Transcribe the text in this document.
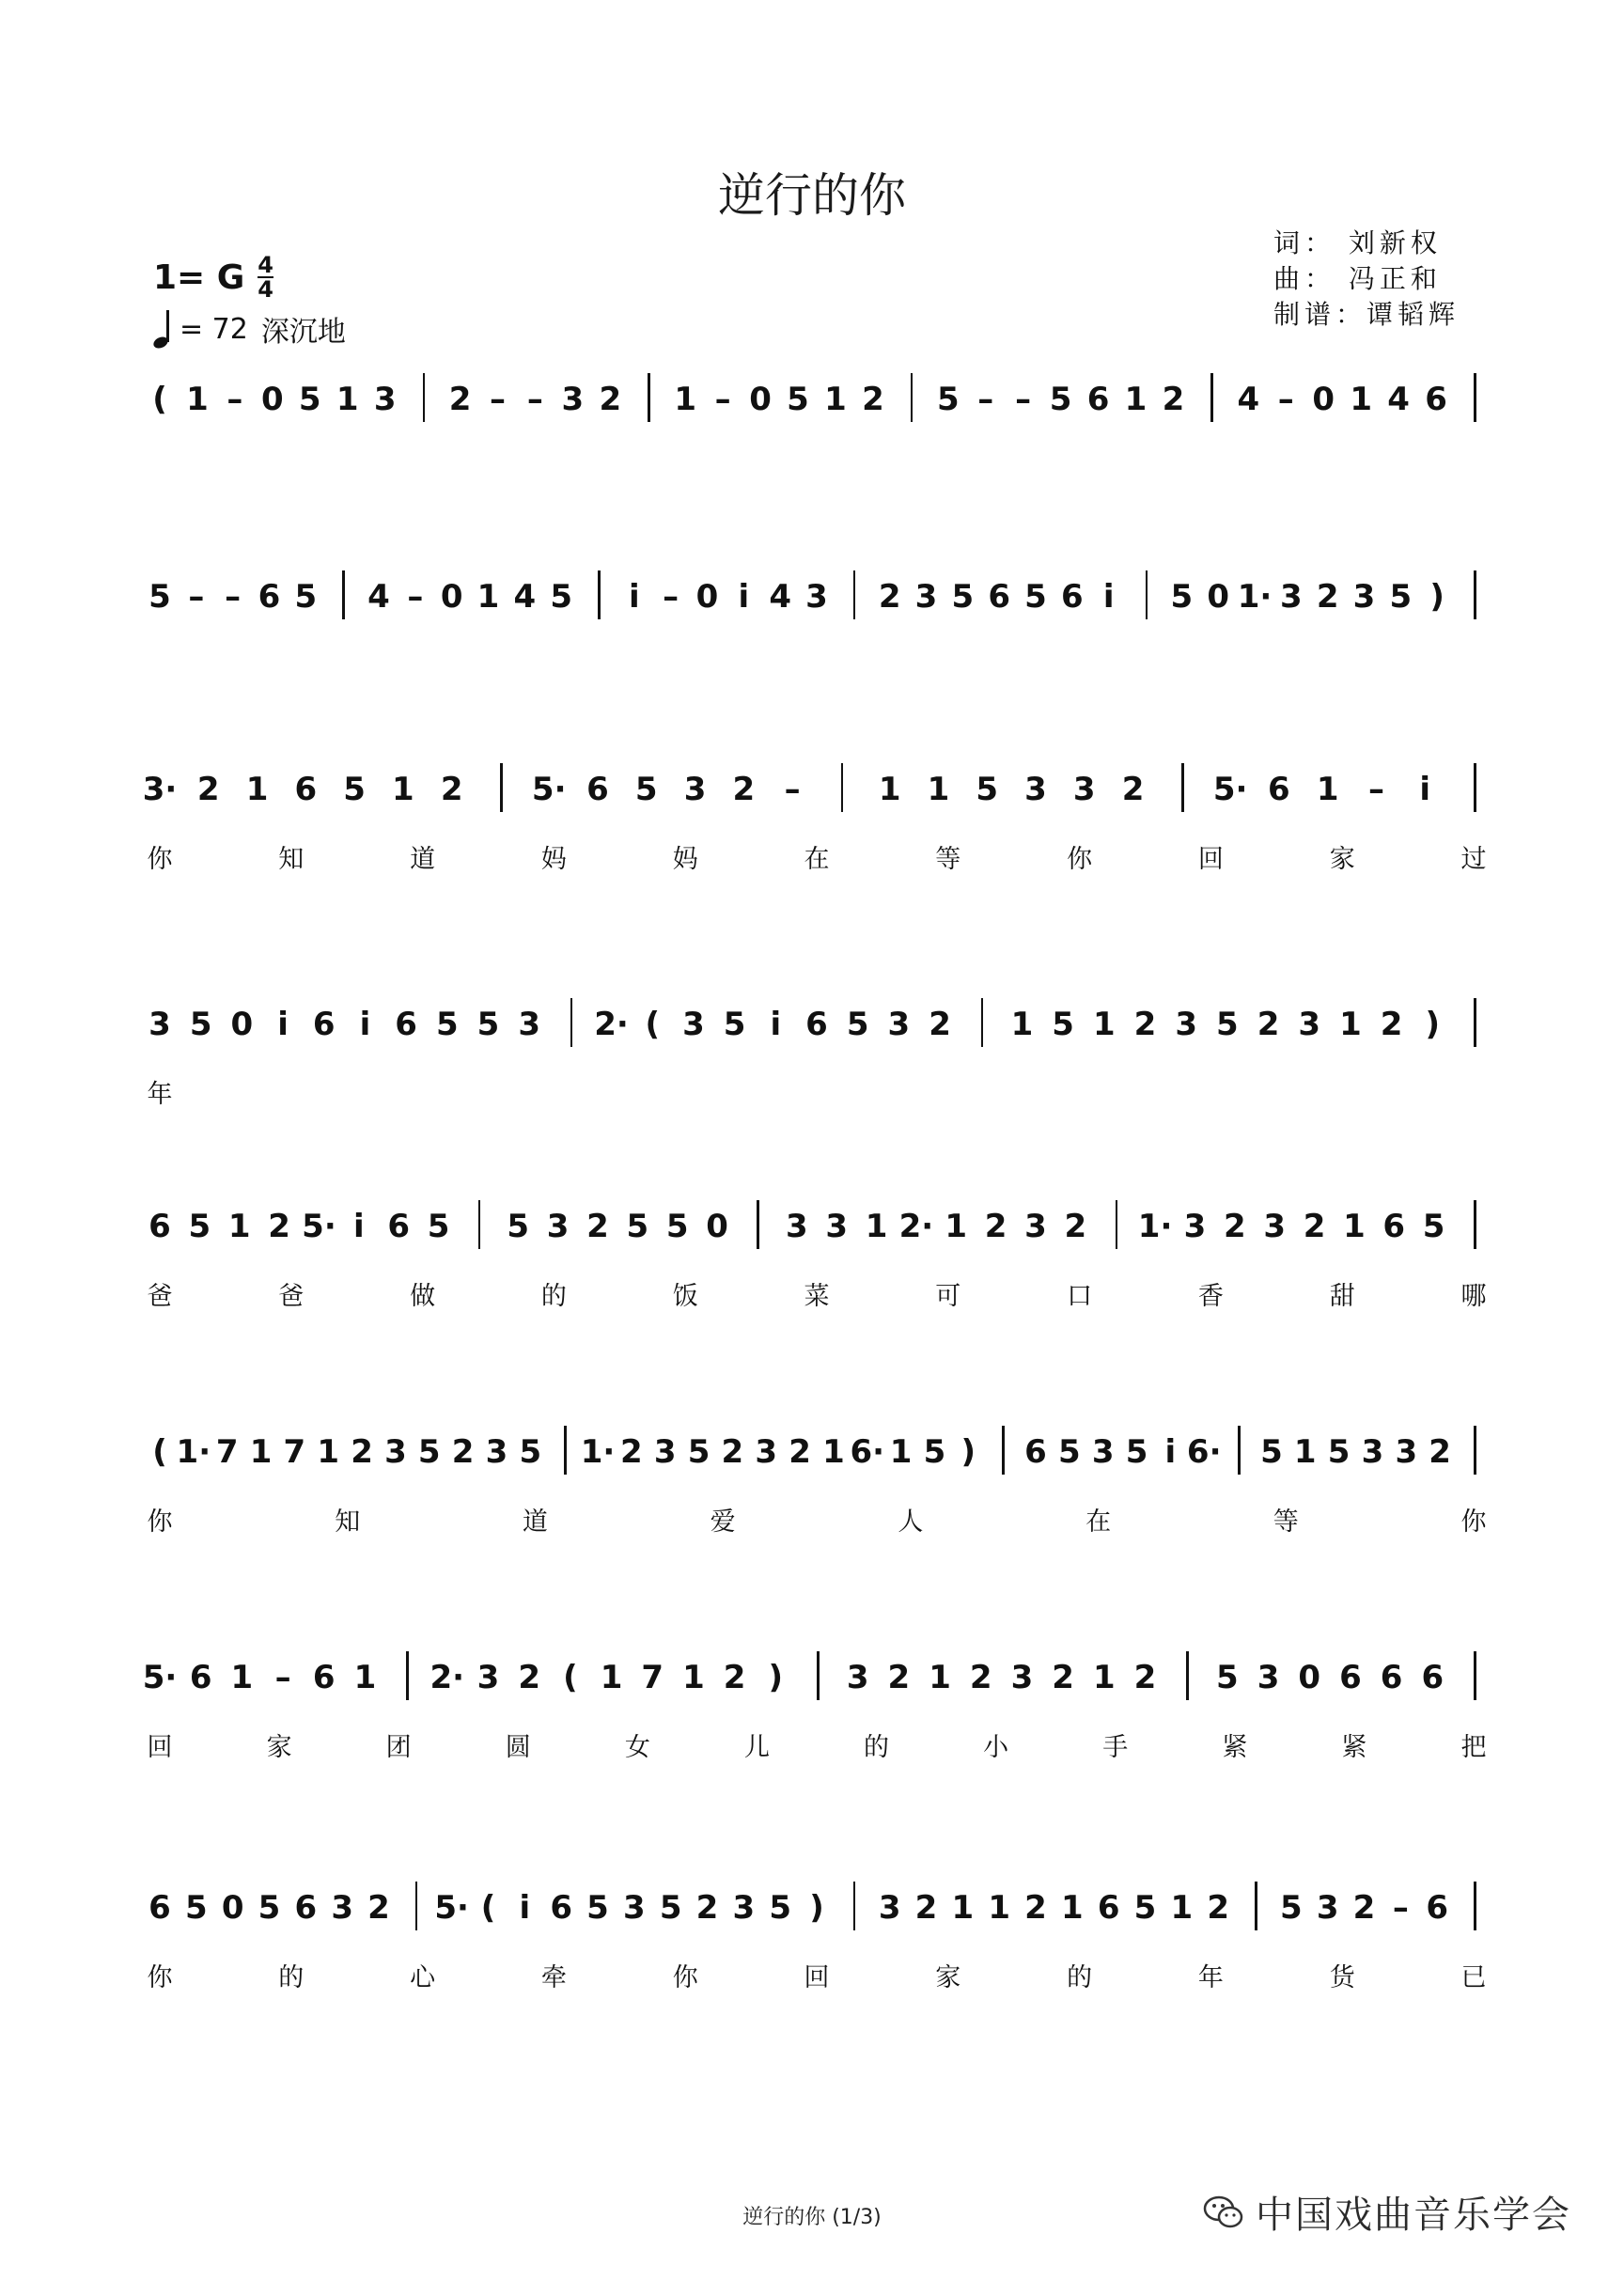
逆行的你
1= G $\frac{4}{4}$
= 72 深沉地
词： 刘新权
曲： 冯正和
制谱：谭韬辉
( 1 – 0 5 1 3 2 – – 3 2 1 – 0 5 1 2 5 – – 5 6 1 2 4 – 0 1 4 6
5 – – 6 5 4 – 0 1 4 5 i – 0 i 4 3 2 3 5 6 5 6 i 5 0 1· 3 2 3 5 )
3· 2 1 6 5 1 2 5· 6 5 3 2 – 1 1 5 3 3 2 5· 6 1 – i
你	知	道	妈	妈	在	等	你	回	家	过
3 5 0 i 6 i 6 5 5 3 2· ( 3 5 i 6 5 3 2 1 5 1 2 3 5 2 3 1 2 )
年
6 5 1 2 5· i 6 5 5 3 2 5 5 0 3 3 1 2· 1 2 3 2 1· 3 2 3 2 1 6 5
爸	爸	做	的	饭	菜	可	口	香	甜	哪
( 1· 7 1 7 1 2 3 5 2 3 5 1· 2 3 5 2 3 2 1 6· 1 5 ) 6 5 3 5 i 6· 5 1 5 3 3 2
你	知	道	爱	人	在	等	你
5· 6 1 – 6 1 2· 3 2 ( 1 7 1 2 ) 3 2 1 2 3 2 1 2 5 3 0 6 6 6
回	家	团	圆	女	儿	的	小	手	紧	紧	把
6 5 0 5 6 3 2 5· ( i 6 5 3 5 2 3 5 ) 3 2 1 1 2 1 6 5 1 2 5 3 2 – 6
你	的	心	牵	你	回	家	的	年	货	已
逆行的你 (1/3)	中国戏曲音乐学会
